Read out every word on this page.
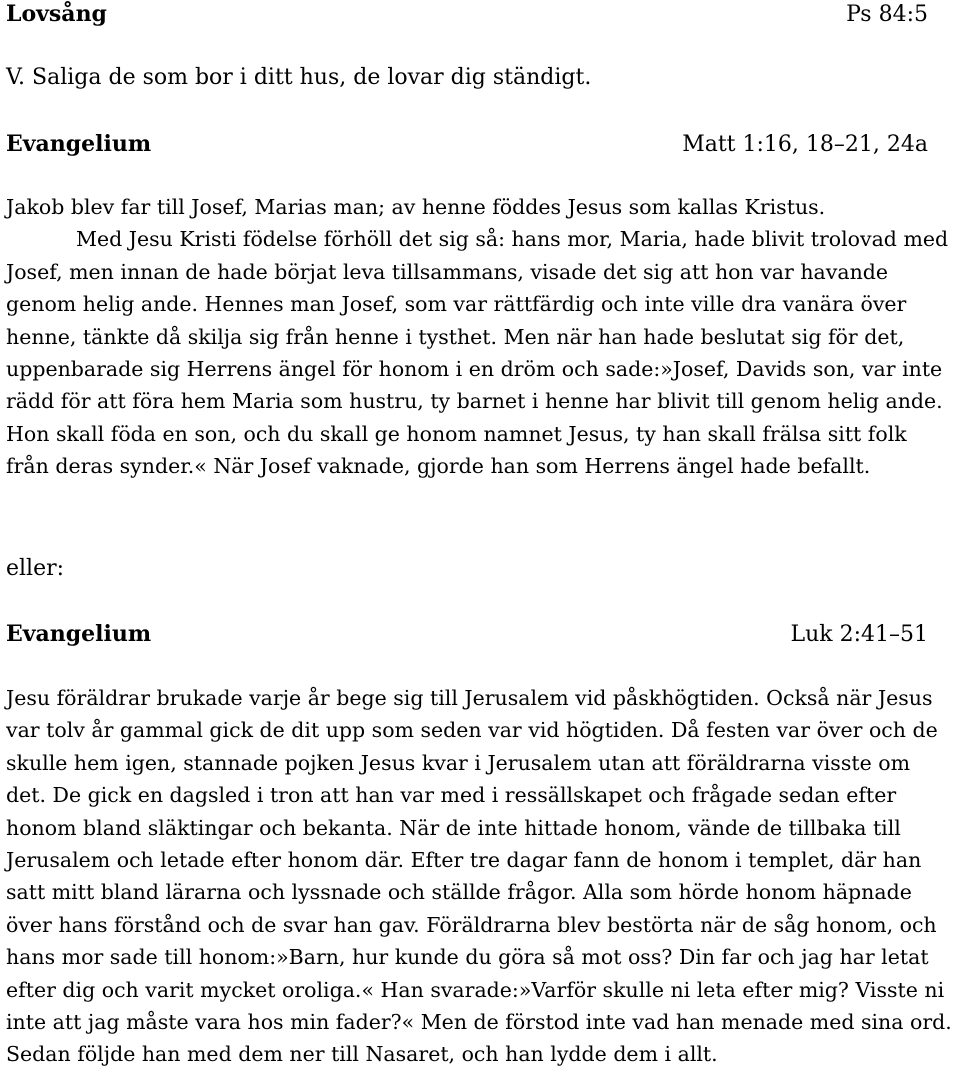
Lovsång	Ps 84:5
V. Saliga de som bor i ditt hus, de lovar dig ständigt.
Evangelium	Matt 1:16, 18–21, 24a

Jakob blev far till Josef, Marias man; av henne föddes Jesus som kallas Kristus.

Med Jesu Kristi födelse förhöll det sig så: hans mor, Maria, hade blivit trolovad med Josef, men innan de hade börjat leva tillsammans, visade det sig att hon var havande genom helig ande. Hennes man Josef, som var rättfärdig och inte ville dra vanära över henne, tänkte då skilja sig från henne i tysthet. Men när han hade beslutat sig för det, uppenbarade sig Herrens ängel för honom i en dröm och sade:»Josef, Davids son, var inte rädd för att föra hem Maria som hustru, ty barnet i henne har blivit till genom helig ande. Hon skall föda en son, och du skall ge honom namnet Jesus, ty han skall frälsa sitt folk från deras synder.« När Josef vaknade, gjorde han som Herrens ängel hade befallt.

eller:
Evangelium	Luk 2:41–51

Jesu föräldrar brukade varje år bege sig till Jerusalem vid påskhögtiden. Också när Jesus var tolv år gammal gick de dit upp som seden var vid högtiden. Då festen var över och de skulle hem igen, stannade pojken Jesus kvar i Jerusalem utan att föräldrarna visste om det. De gick en dagsled i tron att han var med i ressällskapet och frågade sedan efter honom bland släktingar och bekanta. När de inte hittade honom, vände de tillbaka till Jerusalem och letade efter honom där. Efter tre dagar fann de honom i templet, där han satt mitt bland lärarna och lyssnade och ställde frågor. Alla som hörde honom häpnade över hans förstånd och de svar han gav. Föräldrarna blev bestörta när de såg honom, och hans mor sade till honom:»Barn, hur kunde du göra så mot oss? Din far och jag har letat efter dig och varit mycket oroliga.« Han svarade:»Varför skulle ni leta efter mig? Visste ni inte att jag måste vara hos min fader?« Men de förstod inte vad han menade med sina ord. Sedan följde han med dem ner till Nasaret, och han lydde dem i allt.
